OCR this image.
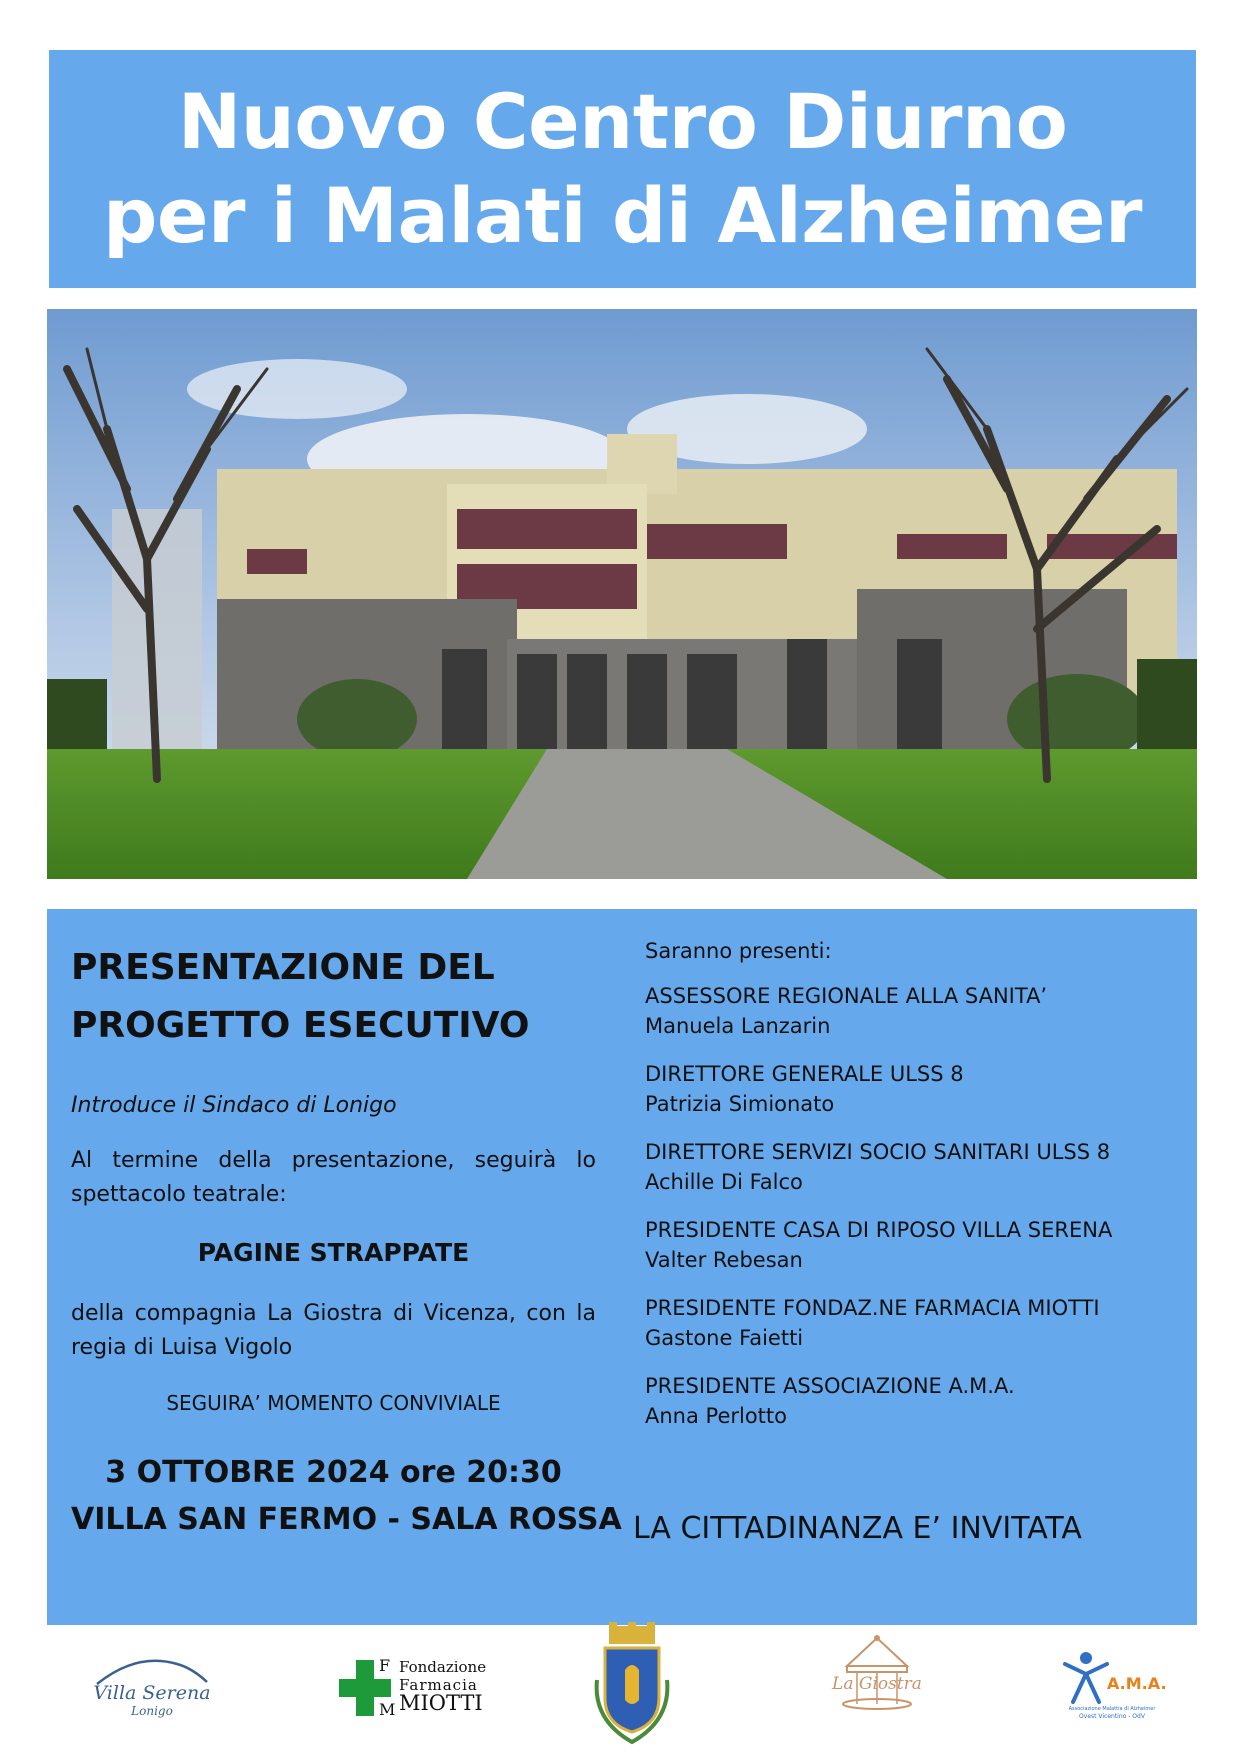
Nuovo Centro Diurno
per i Malati di Alzheimer
PRESENTAZIONE DEL
PROGETTO ESECUTIVO
Introduce il Sindaco di Lonigo
Al termine della presentazione, seguirà lo
spettacolo teatrale:
PAGINE STRAPPATE
della compagnia La Giostra di Vicenza, con la
regia di Luisa Vigolo
SEGUIRA’ MOMENTO CONVIVIALE
3 OTTOBRE 2024 ore 20:30
VILLA SAN FERMO - SALA ROSSA
Saranno presenti:
ASSESSORE REGIONALE ALLA SANITA’
Manuela Lanzarin
DIRETTORE GENERALE ULSS 8
Patrizia Simionato
DIRETTORE SERVIZI SOCIO SANITARI ULSS 8
Achille Di Falco
PRESIDENTE CASA DI RIPOSO VILLA SERENA
Valter Rebesan
PRESIDENTE FONDAZ.NE FARMACIA MIOTTI
Gastone Faietti
PRESIDENTE ASSOCIAZIONE A.M.A.
Anna Perlotto
LA CITTADINANZA E’ INVITATA
Villa Serena
Lonigo
F
M
Fondazione
Farmacia
MIOTTI
La Giostra	A.M.A.
Associazione Malattia di Alzheimer
Ovest Vicentino - OdV
